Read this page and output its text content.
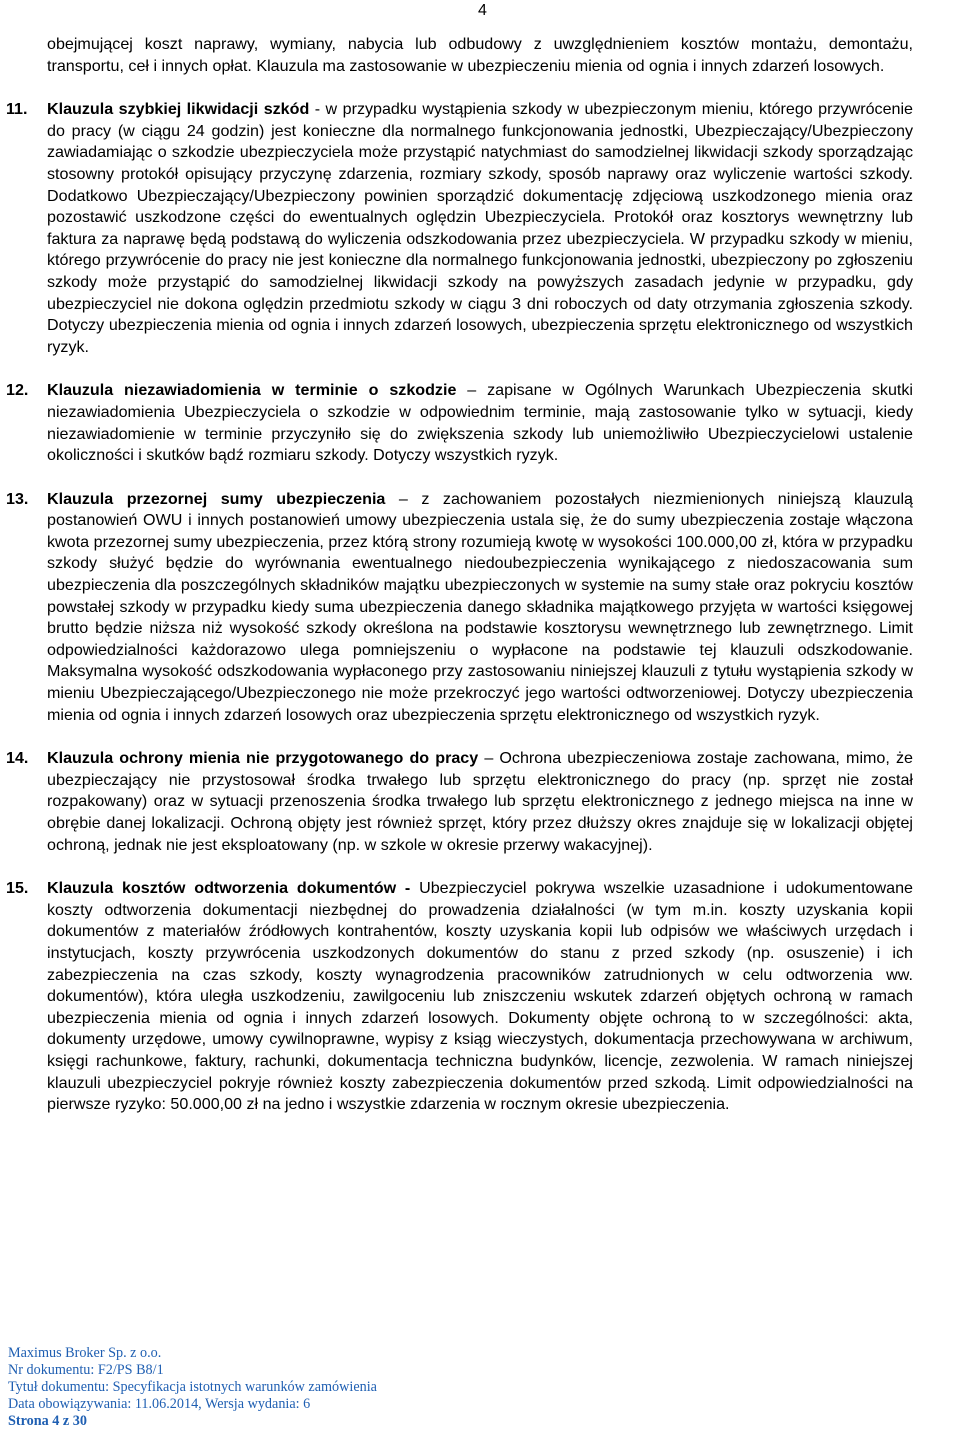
4

obejmującej koszt naprawy, wymiany, nabycia lub odbudowy z uwzględnieniem kosztów montażu, demontażu, transportu, ceł i innych opłat. Klauzula ma zastosowanie w ubezpieczeniu mienia od ognia i innych zdarzeń losowych.

11. Klauzula szybkiej likwidacji szkód - w przypadku wystąpienia szkody w ubezpieczonym mieniu, którego przywrócenie do pracy (w ciągu 24 godzin) jest konieczne dla normalnego funkcjonowania jednostki, Ubezpieczający/Ubezpieczony zawiadamiając o szkodzie ubezpieczyciela może przystąpić natychmiast do samodzielnej likwidacji szkody sporządzając stosowny protokół opisujący przyczynę zdarzenia, rozmiary szkody, sposób naprawy oraz wyliczenie wartości szkody. Dodatkowo Ubezpieczający/Ubezpieczony powinien sporządzić dokumentację zdjęciową uszkodzonego mienia oraz pozostawić uszkodzone części do ewentualnych oględzin Ubezpieczyciela. Protokół oraz kosztorys wewnętrzny lub faktura za naprawę będą podstawą do wyliczenia odszkodowania przez ubezpieczyciela. W przypadku szkody w mieniu, którego przywrócenie do pracy nie jest konieczne dla normalnego funkcjonowania jednostki, ubezpieczony po zgłoszeniu szkody może przystąpić do samodzielnej likwidacji szkody na powyższych zasadach jedynie w przypadku, gdy ubezpieczyciel nie dokona oględzin przedmiotu szkody w ciągu 3 dni roboczych od daty otrzymania zgłoszenia szkody. Dotyczy ubezpieczenia mienia od ognia i innych zdarzeń losowych, ubezpieczenia sprzętu elektronicznego od wszystkich ryzyk.

12. Klauzula niezawiadomienia w terminie o szkodzie – zapisane w Ogólnych Warunkach Ubezpieczenia skutki niezawiadomienia Ubezpieczyciela o szkodzie w odpowiednim terminie, mają zastosowanie tylko w sytuacji, kiedy niezawiadomienie w terminie przyczyniło się do zwiększenia szkody lub uniemożliwiło Ubezpieczycielowi ustalenie okoliczności i skutków bądź rozmiaru szkody. Dotyczy wszystkich ryzyk.

13. Klauzula przezornej sumy ubezpieczenia – z zachowaniem pozostałych niezmienionych niniejszą klauzulą postanowień OWU i innych postanowień umowy ubezpieczenia ustala się, że do sumy ubezpieczenia zostaje włączona kwota przezornej sumy ubezpieczenia, przez którą strony rozumieją kwotę w wysokości 100.000,00 zł, która w przypadku szkody służyć będzie do wyrównania ewentualnego niedoubezpieczenia wynikającego z niedoszacowania sum ubezpieczenia dla poszczególnych składników majątku ubezpieczonych w systemie na sumy stałe oraz pokryciu kosztów powstałej szkody w przypadku kiedy suma ubezpieczenia danego składnika majątkowego przyjęta w wartości księgowej brutto będzie niższa niż wysokość szkody określona na podstawie kosztorysu wewnętrznego lub zewnętrznego. Limit odpowiedzialności każdorazowo ulega pomniejszeniu o wypłacone na podstawie tej klauzuli odszkodowanie. Maksymalna wysokość odszkodowania wypłaconego przy zastosowaniu niniejszej klauzuli z tytułu wystąpienia szkody w mieniu Ubezpieczającego/Ubezpieczonego nie może przekroczyć jego wartości odtworzeniowej. Dotyczy ubezpieczenia mienia od ognia i innych zdarzeń losowych oraz ubezpieczenia sprzętu elektronicznego od wszystkich ryzyk.

14. Klauzula ochrony mienia nie przygotowanego do pracy – Ochrona ubezpieczeniowa zostaje zachowana, mimo, że ubezpieczający nie przystosował środka trwałego lub sprzętu elektronicznego do pracy (np. sprzęt nie został rozpakowany) oraz w sytuacji przenoszenia środka trwałego lub sprzętu elektronicznego z jednego miejsca na inne w obrębie danej lokalizacji. Ochroną objęty jest również sprzęt, który przez dłuższy okres znajduje się w lokalizacji objętej ochroną, jednak nie jest eksploatowany (np. w szkole w okresie przerwy wakacyjnej).

15. Klauzula kosztów odtworzenia dokumentów - Ubezpieczyciel pokrywa wszelkie uzasadnione i udokumentowane koszty odtworzenia dokumentacji niezbędnej do prowadzenia działalności (w tym m.in. koszty uzyskania kopii dokumentów z materiałów źródłowych kontrahentów, koszty uzyskania kopii lub odpisów we właściwych urzędach i instytucjach, koszty przywrócenia uszkodzonych dokumentów do stanu z przed szkody (np. osuszenie) i ich zabezpieczenia na czas szkody, koszty wynagrodzenia pracowników zatrudnionych w celu odtworzenia ww. dokumentów), która uległa uszkodzeniu, zawilgoceniu lub zniszczeniu wskutek zdarzeń objętych ochroną w ramach ubezpieczenia mienia od ognia i innych zdarzeń losowych. Dokumenty objęte ochroną to w szczególności: akta, dokumenty urzędowe, umowy cywilnoprawne, wypisy z ksiąg wieczystych, dokumentacja przechowywana w archiwum, księgi rachunkowe, faktury, rachunki, dokumentacja techniczna budynków, licencje, zezwolenia. W ramach niniejszej klauzuli ubezpieczyciel pokryje również koszty zabezpieczenia dokumentów przed szkodą. Limit odpowiedzialności na pierwsze ryzyko: 50.000,00 zł na jedno i wszystkie zdarzenia w rocznym okresie ubezpieczenia.

Maximus Broker Sp. z o.o.
Nr dokumentu: F2/PS B8/1
Tytuł dokumentu: Specyfikacja istotnych warunków zamówienia
Data obowiązywania: 11.06.2014, Wersja wydania: 6
Strona 4 z 30
